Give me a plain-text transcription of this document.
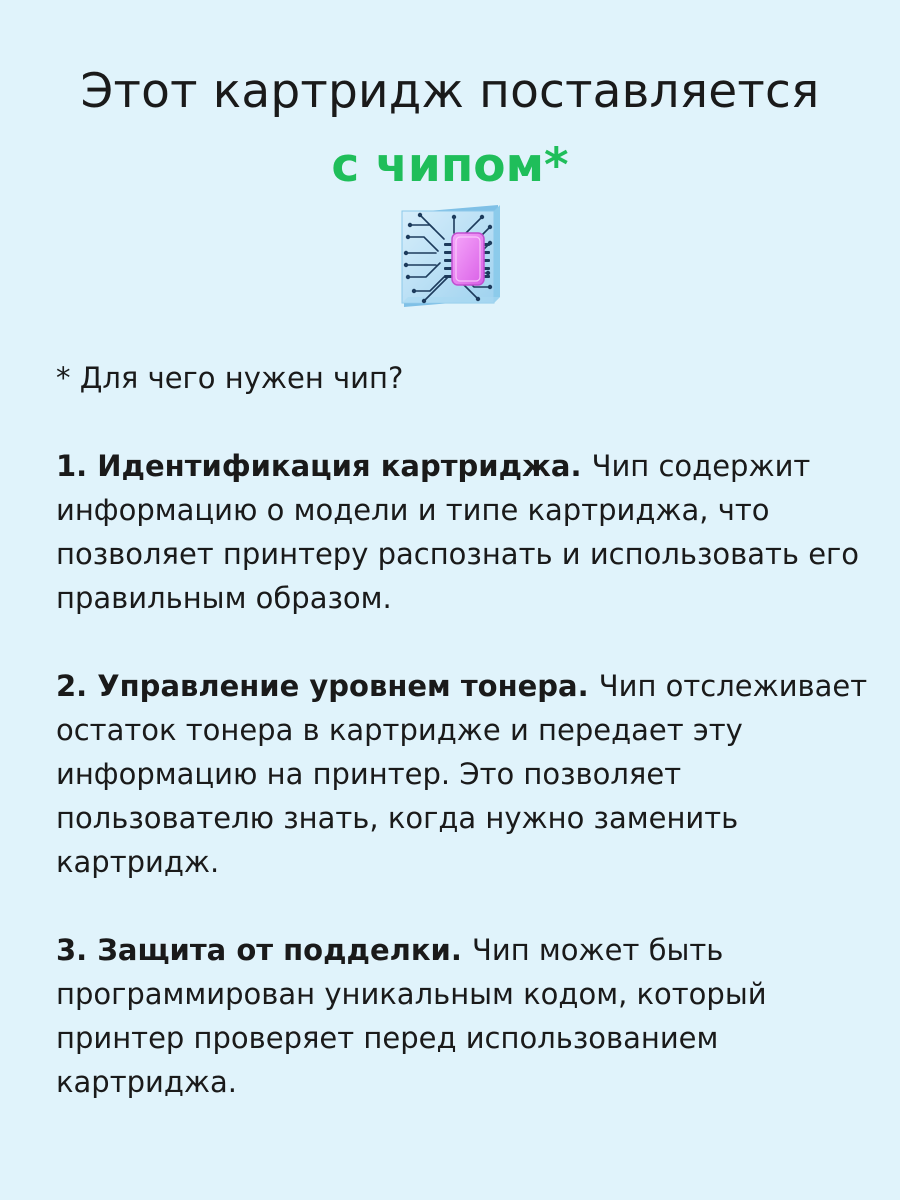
Этот картридж поставляется
с чипом*
* Для чего нужен чип?
1. Идентификация картриджа. Чип содержит информацию о модели и типе картриджа, что позволяет принтеру распознать и использовать его правильным образом.
2. Управление уровнем тонера. Чип отслеживает остаток тонера в картридже и передает эту информацию на принтер. Это позволяет пользователю знать, когда нужно заменить картридж.
3. Защита от подделки. Чип может быть программирован уникальным кодом, который принтер проверяет перед использованием картриджа.
